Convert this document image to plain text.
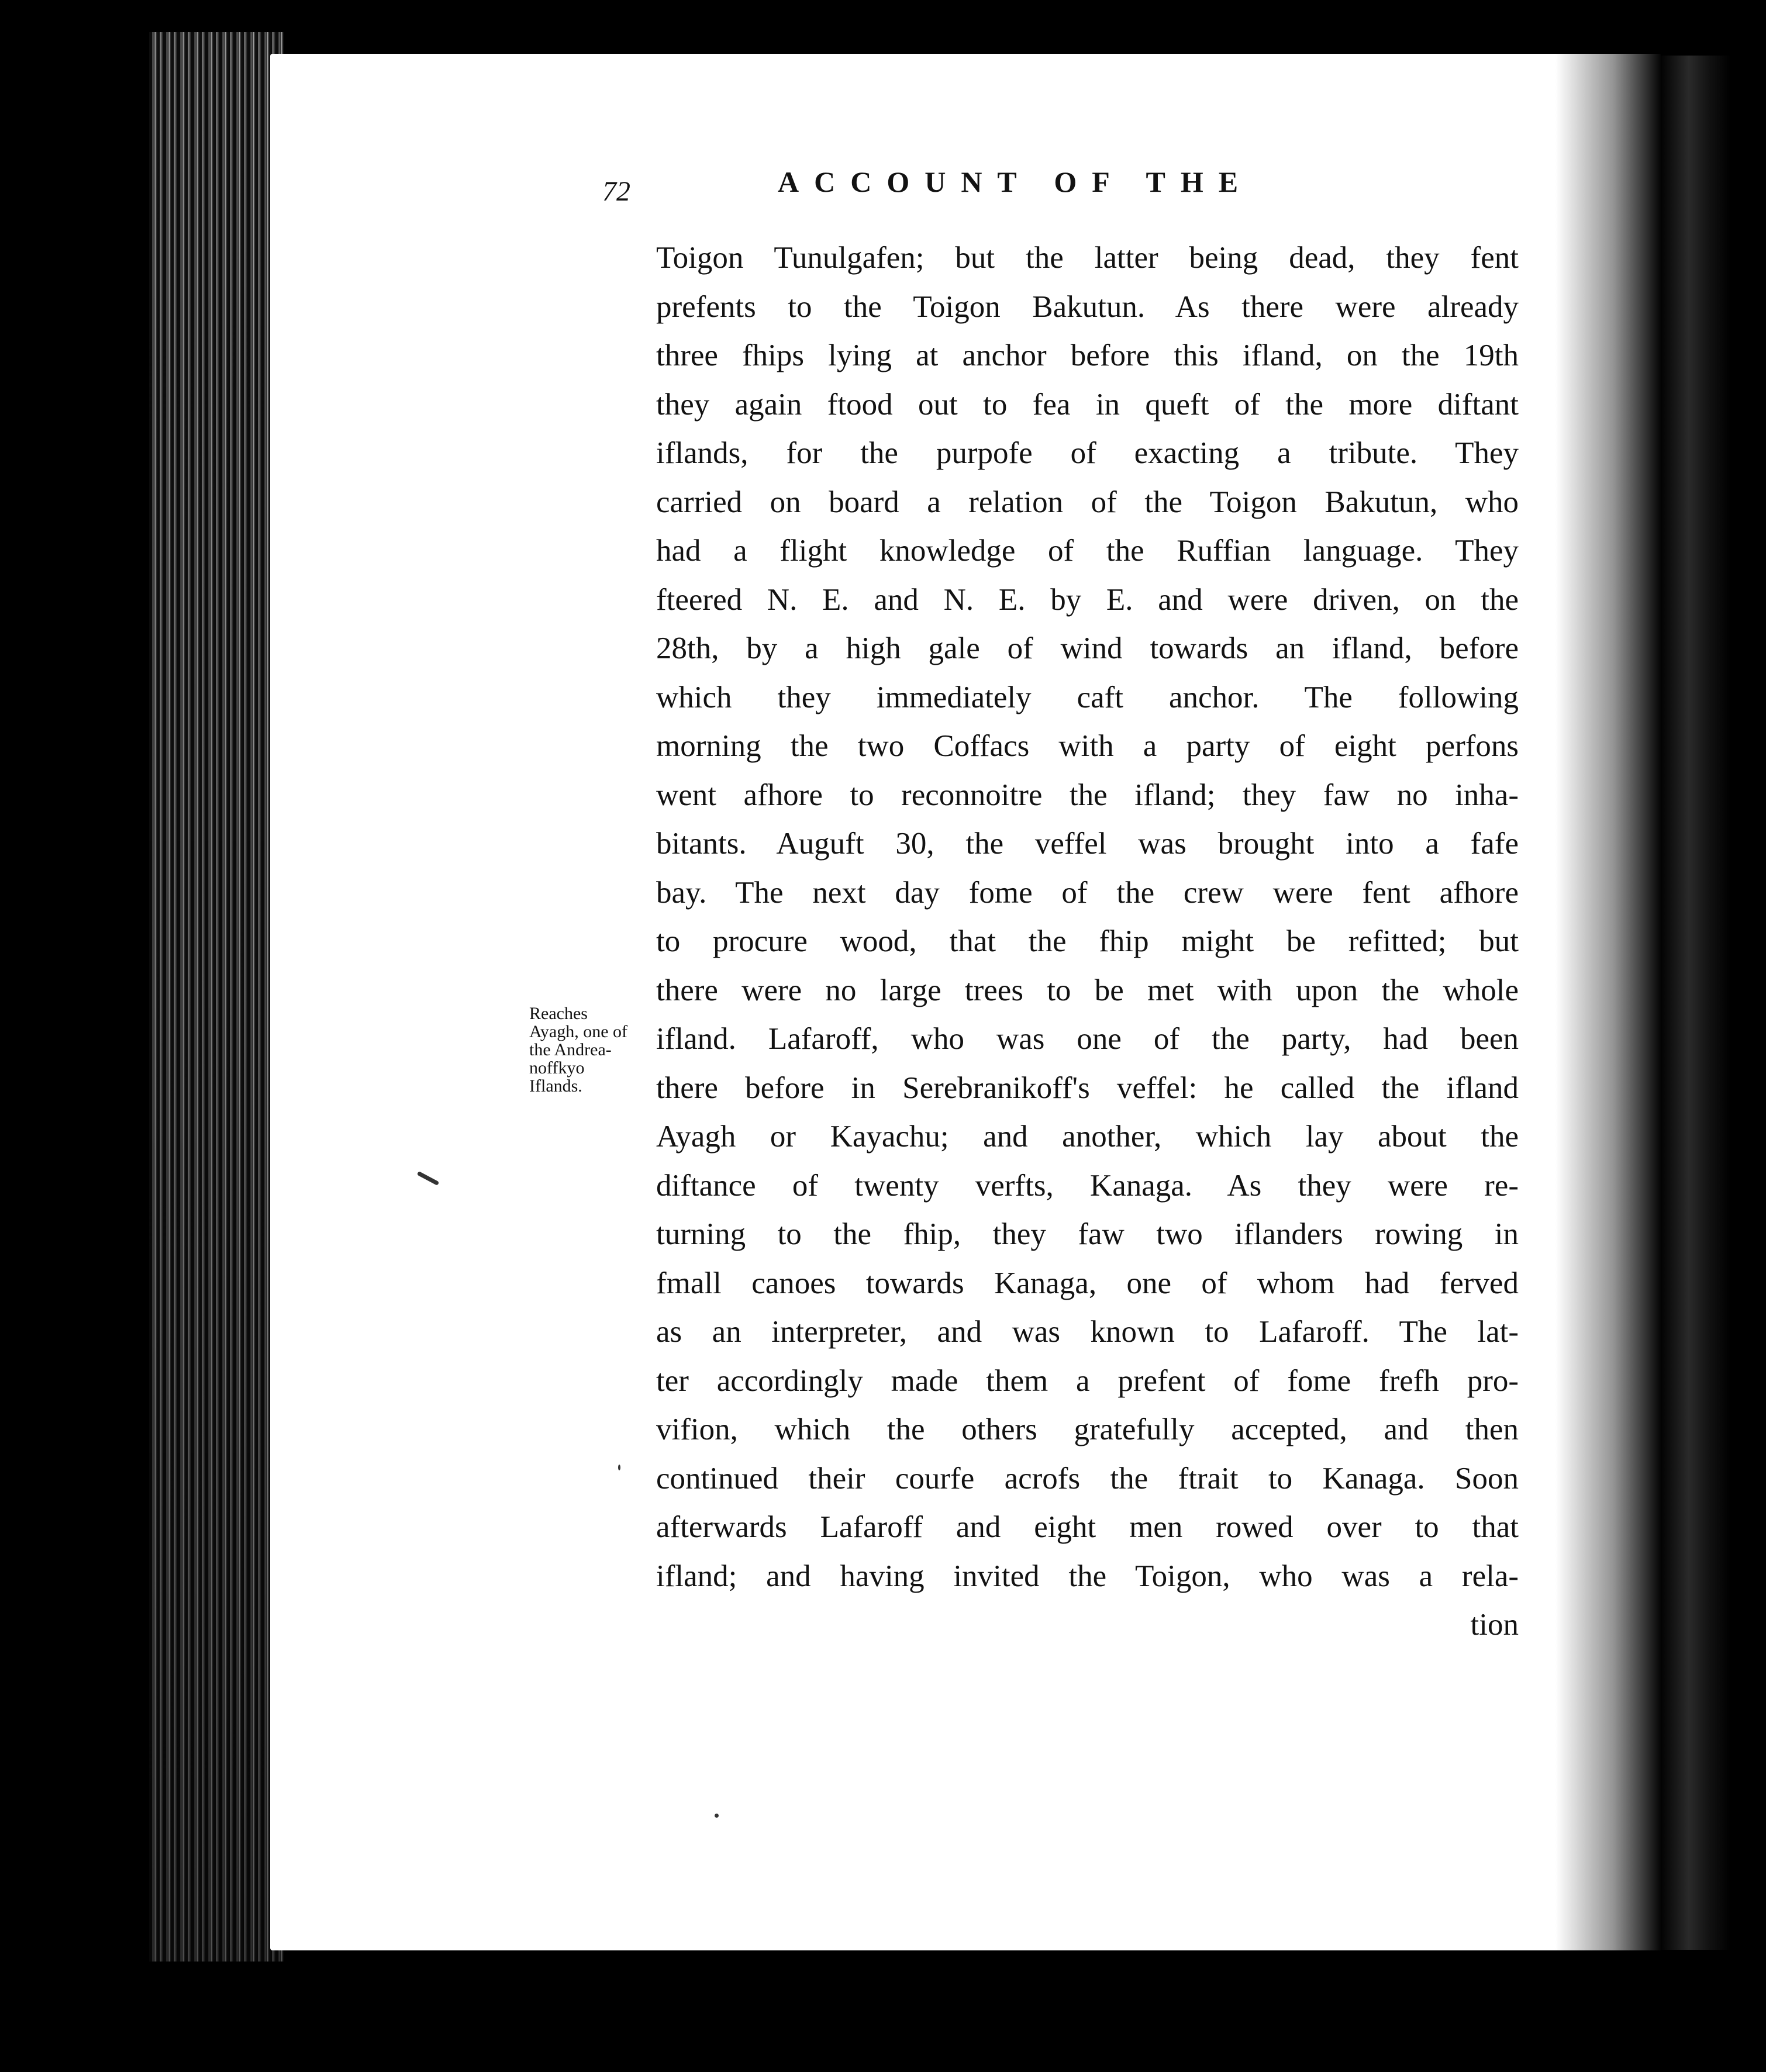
72	ACCOUNT OF THE
Reaches
Ayagh, one of
the Andrea-
noffkyo
Iflands.
Toigon Tunulgafen; but the latter being dead, they fent
prefents to the Toigon Bakutun. As there were already
three fhips lying at anchor before this ifland, on the 19th
they again ftood out to fea in queft of the more diftant
iflands, for the purpofe of exacting a tribute. They
carried on board a relation of the Toigon Bakutun, who
had a flight knowledge of the Ruffian language. They
fteered N. E. and N. E. by E. and were driven, on the
28th, by a high gale of wind towards an ifland, before
which they immediately caft anchor. The following
morning the two Coffacs with a party of eight perfons
went afhore to reconnoitre the ifland; they faw no inha-
bitants. Auguft 30, the veffel was brought into a fafe
bay. The next day fome of the crew were fent afhore
to procure wood, that the fhip might be refitted; but
there were no large trees to be met with upon the whole
ifland. Lafaroff, who was one of the party, had been
there before in Serebranikoff's veffel: he called the ifland
Ayagh or Kayachu; and another, which lay about the
diftance of twenty verfts, Kanaga. As they were re-
turning to the fhip, they faw two iflanders rowing in
fmall canoes towards Kanaga, one of whom had ferved
as an interpreter, and was known to Lafaroff. The lat-
ter accordingly made them a prefent of fome frefh pro-
vifion, which the others gratefully accepted, and then
continued their courfe acrofs the ftrait to Kanaga. Soon
afterwards Lafaroff and eight men rowed over to that
ifland; and having invited the Toigon, who was a rela-
tion
